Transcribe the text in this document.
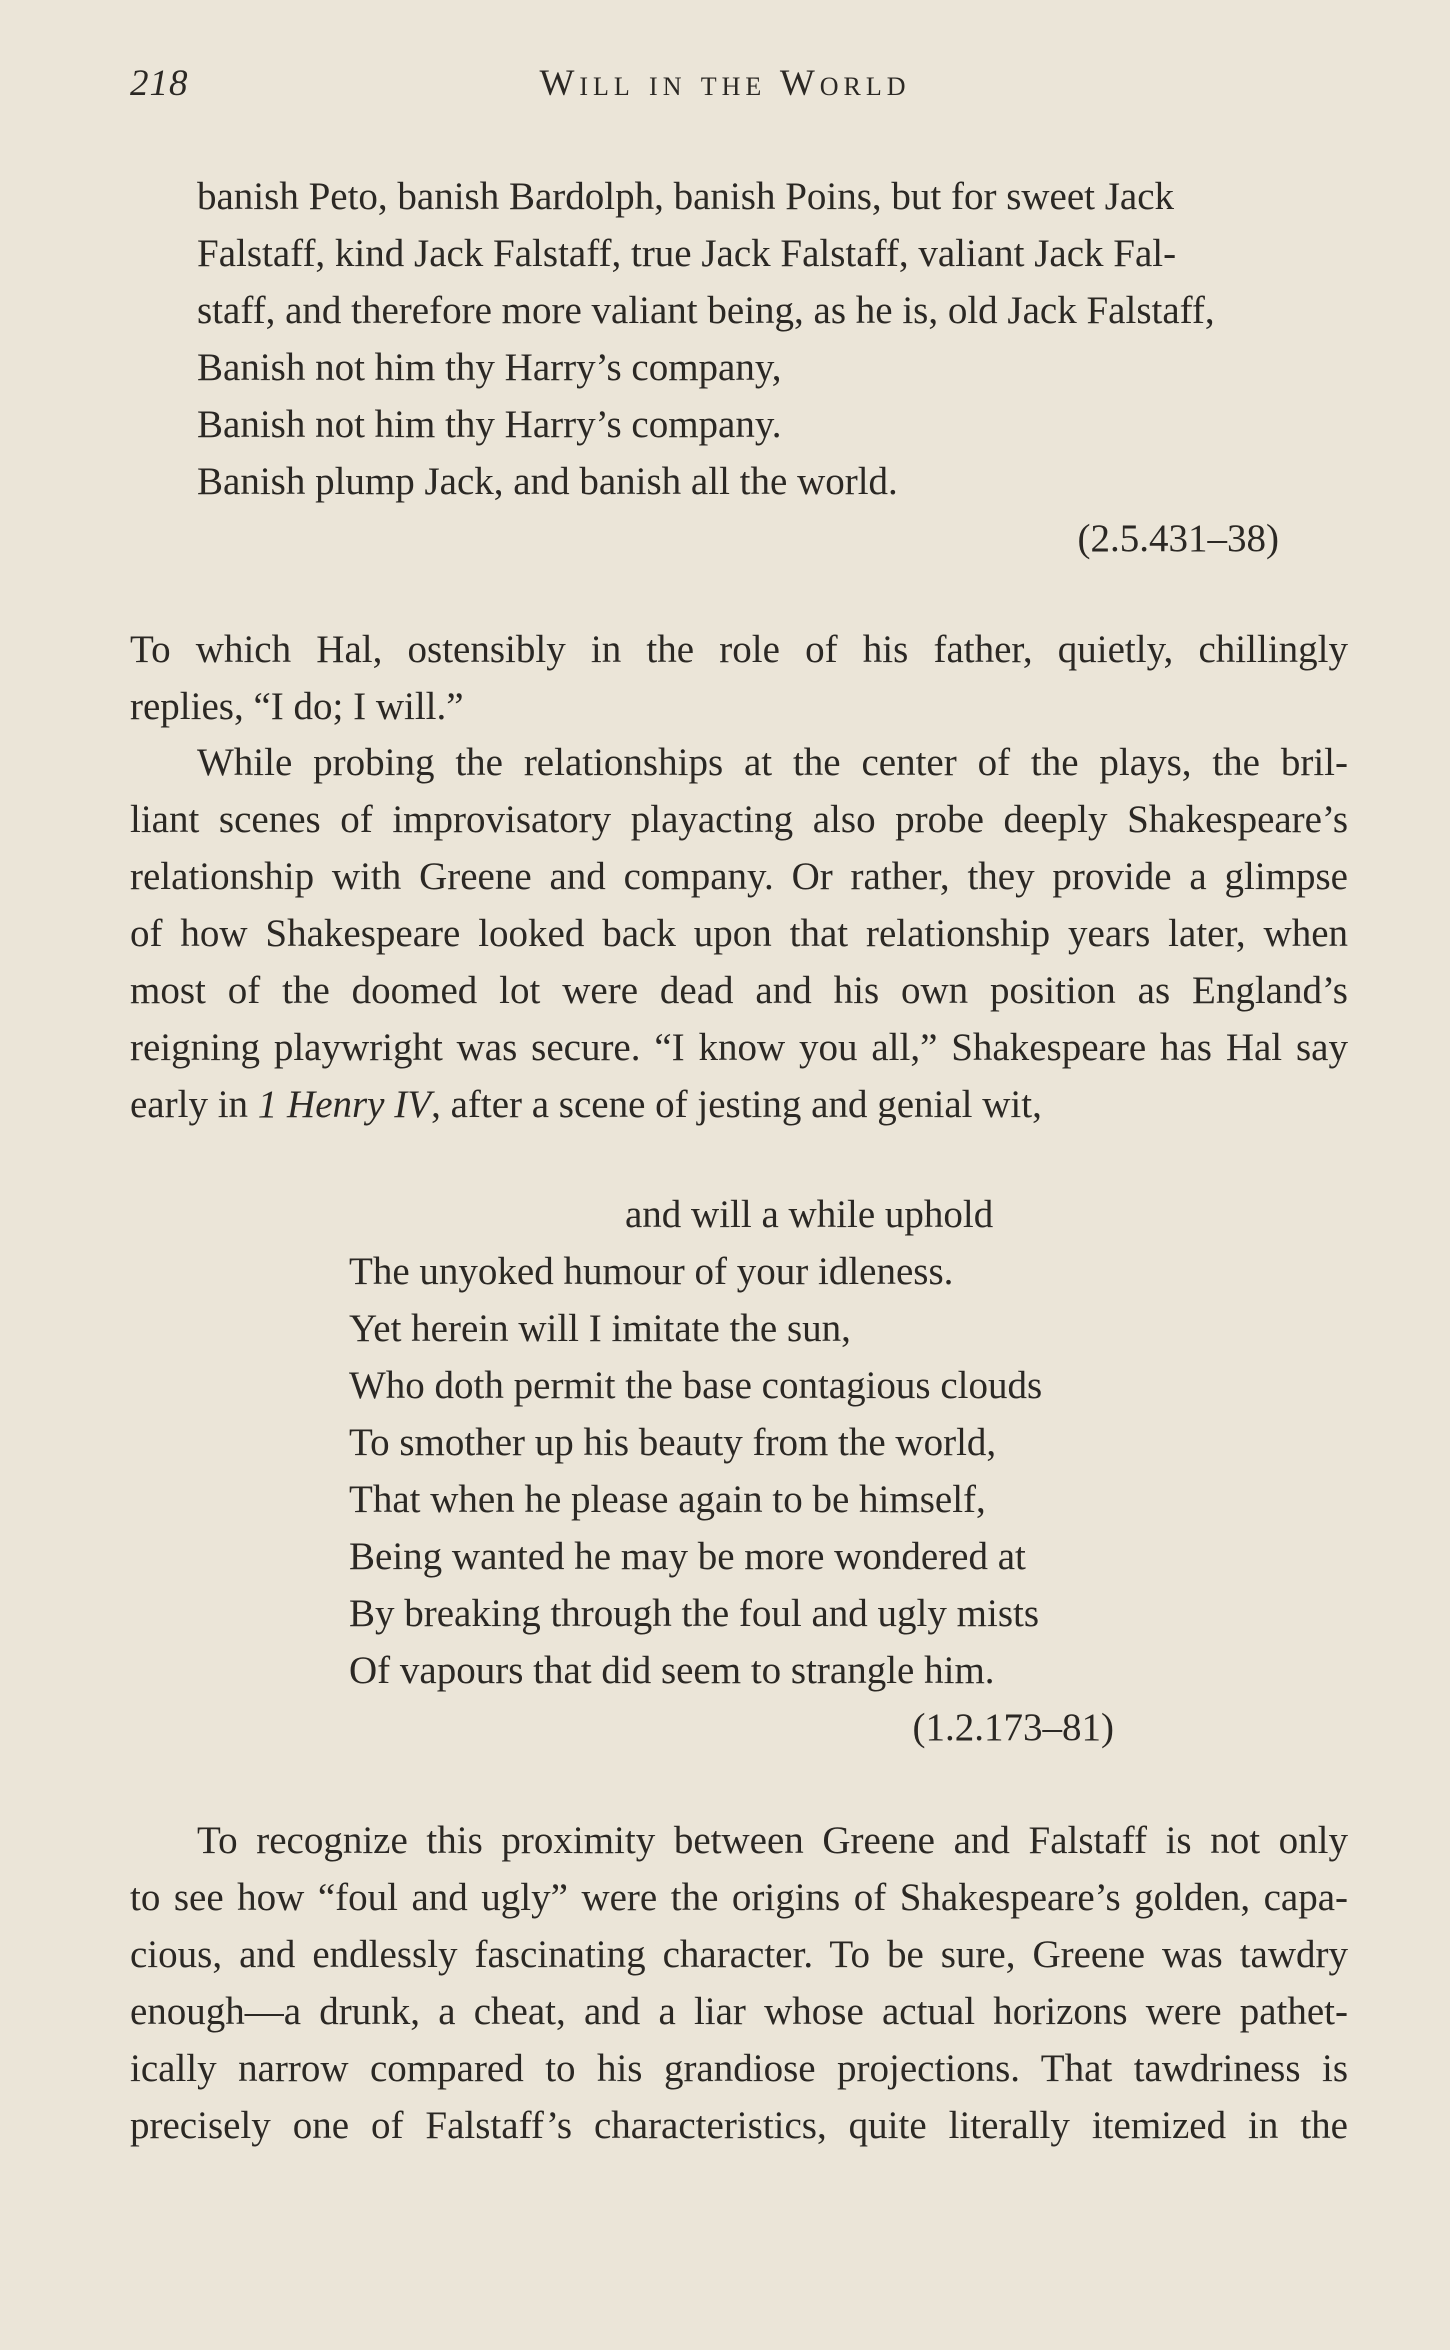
218	Will in the World
banish Peto, banish Bardolph, banish Poins, but for sweet Jack
Falstaff, kind Jack Falstaff, true Jack Falstaff, valiant Jack Fal-
staff, and therefore more valiant being, as he is, old Jack Falstaff,
Banish not him thy Harry’s company,
Banish not him thy Harry’s company.
Banish plump Jack, and banish all the world.
(2.5.431–38)
To which Hal, ostensibly in the role of his father, quietly, chillingly
replies, “I do; I will.”
While probing the relationships at the center of the plays, the bril-
liant scenes of improvisatory playacting also probe deeply Shakespeare’s
relationship with Greene and company. Or rather, they provide a glimpse
of how Shakespeare looked back upon that relationship years later, when
most of the doomed lot were dead and his own position as England’s
reigning playwright was secure. “I know you all,” Shakespeare has Hal say
early in 1 Henry IV, after a scene of jesting and genial wit,
and will a while uphold
The unyoked humour of your idleness.
Yet herein will I imitate the sun,
Who doth permit the base contagious clouds
To smother up his beauty from the world,
That when he please again to be himself,
Being wanted he may be more wondered at
By breaking through the foul and ugly mists
Of vapours that did seem to strangle him.
(1.2.173–81)
To recognize this proximity between Greene and Falstaff is not only
to see how “foul and ugly” were the origins of Shakespeare’s golden, capa-
cious, and endlessly fascinating character. To be sure, Greene was tawdry
enough—a drunk, a cheat, and a liar whose actual horizons were pathet-
ically narrow compared to his grandiose projections. That tawdriness is
precisely one of Falstaff’s characteristics, quite literally itemized in the
